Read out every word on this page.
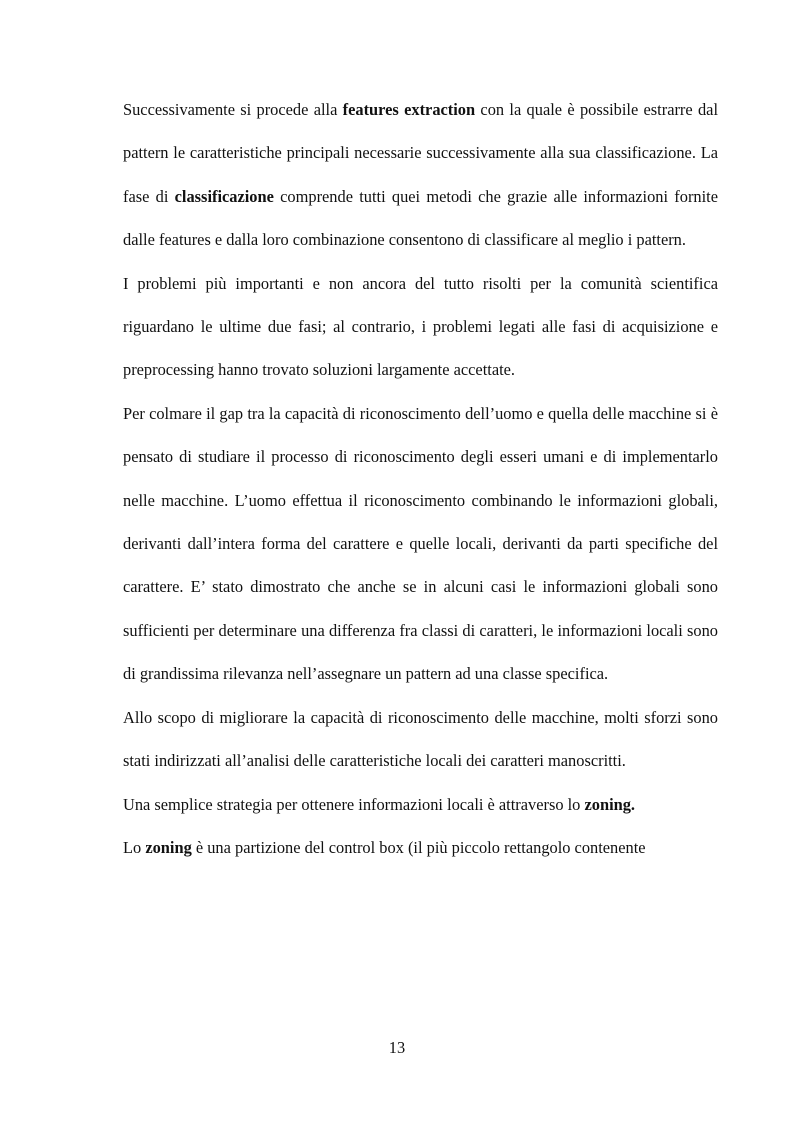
Successivamente si procede alla features extraction con la quale è possibile estrarre dal pattern le caratteristiche principali necessarie successivamente alla sua classificazione. La fase di classificazione comprende tutti quei metodi che grazie alle informazioni fornite dalle features e dalla loro combinazione consentono di classificare al meglio i pattern.

I problemi più importanti e non ancora del tutto risolti per la comunità scientifica riguardano le ultime due fasi; al contrario, i problemi legati alle fasi di acquisizione e preprocessing hanno trovato soluzioni largamente accettate.

Per colmare il gap tra la capacità di riconoscimento dell’uomo e quella delle macchine si è pensato di studiare il processo di riconoscimento degli esseri umani e di implementarlo nelle macchine. L’uomo effettua il riconoscimento combinando le informazioni globali, derivanti dall’intera forma del carattere e quelle locali, derivanti da parti specifiche del carattere. E’ stato dimostrato che anche se in alcuni casi le informazioni globali sono sufficienti per determinare una differenza fra classi di caratteri, le informazioni locali sono di grandissima rilevanza nell’assegnare un pattern ad una classe specifica.

Allo scopo di migliorare la capacità di riconoscimento delle macchine, molti sforzi sono stati indirizzati all’analisi delle caratteristiche locali dei caratteri manoscritti.

Una semplice strategia per ottenere informazioni locali è attraverso lo zoning.

Lo zoning è una partizione del control box (il più piccolo rettangolo contenente

13
